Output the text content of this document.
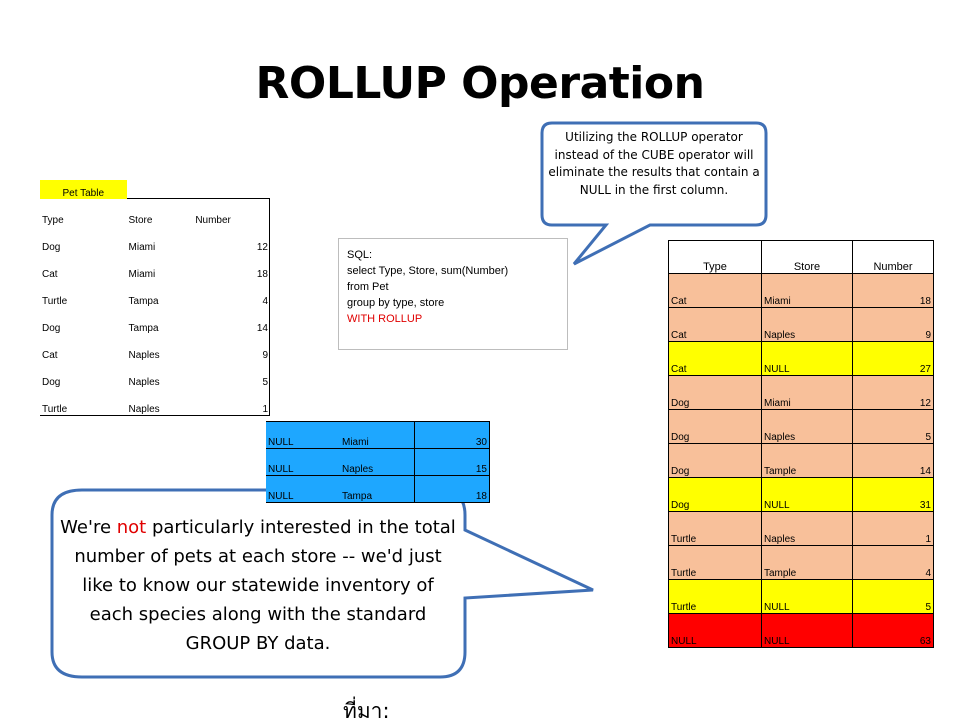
ROLLUP Operation
Utilizing the ROLLUP operator instead of the CUBE operator will eliminate the results that contain a NULL in the first column.
Pet Table		
Type	Store	Number
Dog	Miami	12
Cat	Miami	18
Turtle	Tampa	4
Dog	Tampa	14
Cat	Naples	9
Dog	Naples	5
Turtle	Naples	1
SQL:
select Type, Store, sum(Number)
from Pet
group by type, store
WITH ROLLUP
NULL	Miami	30
NULL	Naples	15
NULL	Tampa	18
Type	Store	Number
Cat	Miami	18
Cat	Naples	9
Cat	NULL	27
Dog	Miami	12
Dog	Naples	5
Dog	Tample	14
Dog	NULL	31
Turtle	Naples	1
Turtle	Tample	4
Turtle	NULL	5
NULL	NULL	63
We're not particularly interested in the total number of pets at each store -- we'd just like to know our statewide inventory of each species along with the standard GROUP BY data.
ที่มา:
